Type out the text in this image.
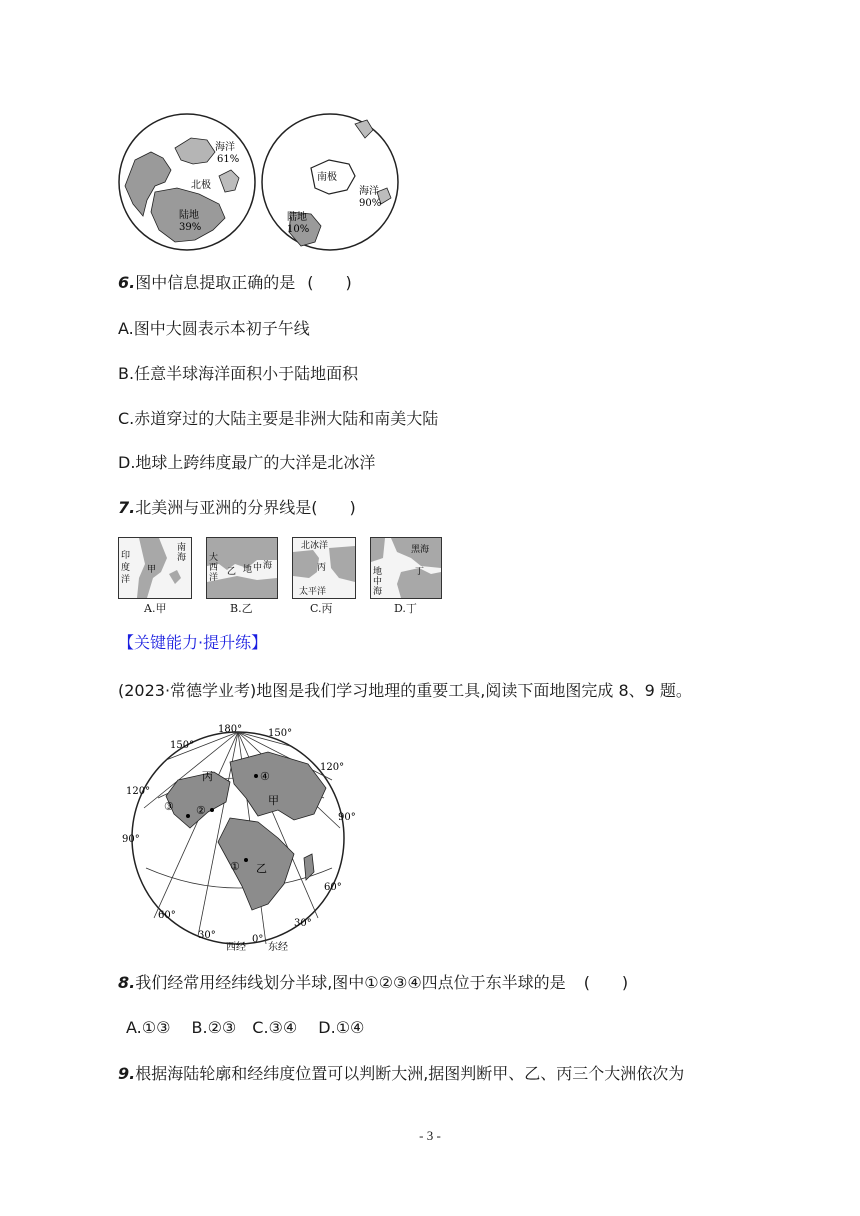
海洋
61%
北极
陆地
39%
南极
海洋
90%
陆地
10%
6.图中信息提取正确的是 (　　)
A.图中大圆表示本初子午线
B.任意半球海洋面积小于陆地面积
C.赤道穿过的大陆主要是非洲大陆和南美大陆
D.地球上跨纬度最广的大洋是北冰洋
7.北美洲与亚洲的分界线是(　　)
南
海
印
度
洋
甲
A.甲
大
西
洋
乙 地 中 海
B.乙
北冰洋
丙
太平洋
C.丙
黑海
丁
地
中
海
D.丁
【关键能力·提升练】
(2023·常德学业考)地图是我们学习地理的重要工具,阅读下面地图完成 8、9 题。
180°
150°
150°
120°
120°
90°
90°
60°
60°
30°
30°
0°
西经 东经
①
②
③
④
甲
乙
丙
8.我们经常用经纬线划分半球,图中①②③④四点位于东半球的是 (　　)
A.①③　 B.②③　C.③④　 D.①④
9.根据海陆轮廓和经纬度位置可以判断大洲,据图判断甲、乙、丙三个大洲依次为
- 3 -
